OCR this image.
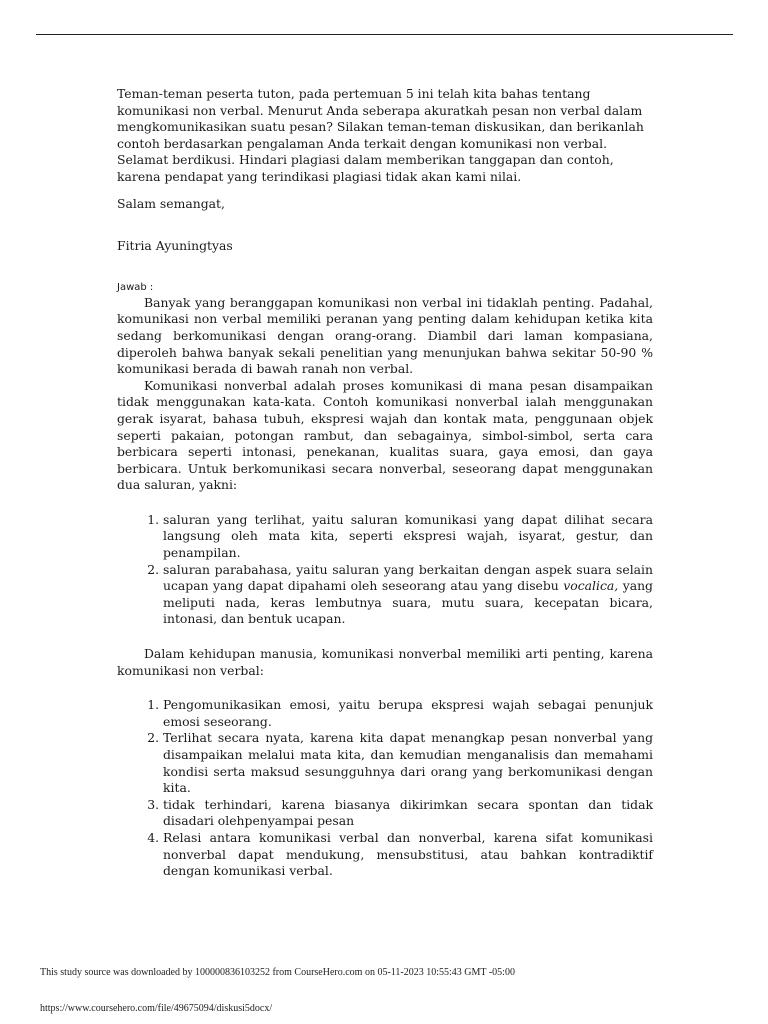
Teman-teman peserta tuton, pada pertemuan 5 ini telah kita bahas tentang komunikasi non verbal. Menurut Anda seberapa akuratkah pesan non verbal dalam mengkomunikasikan suatu pesan? Silakan teman-teman diskusikan, dan berikanlah contoh berdasarkan pengalaman Anda terkait dengan komunikasi non verbal. Selamat berdikusi. Hindari plagiasi dalam memberikan tanggapan dan contoh, karena pendapat yang terindikasi plagiasi tidak akan kami nilai.

Salam semangat,

Fitria Ayuningtyas

Jawab :

Banyak yang beranggapan komunikasi non verbal ini tidaklah penting. Padahal, komunikasi non verbal memiliki peranan yang penting dalam kehidupan ketika kita sedang berkomunikasi dengan orang-orang. Diambil dari laman kompasiana, diperoleh bahwa banyak sekali penelitian yang menunjukan bahwa sekitar 50-90 % komunikasi berada di bawah ranah non verbal.

Komunikasi nonverbal adalah proses komunikasi di mana pesan disampaikan tidak menggunakan kata-kata. Contoh komunikasi nonverbal ialah menggunakan gerak isyarat, bahasa tubuh, ekspresi wajah dan kontak mata, penggunaan objek seperti pakaian, potongan rambut, dan sebagainya, simbol-simbol, serta cara berbicara seperti intonasi, penekanan, kualitas suara, gaya emosi, dan gaya berbicara. Untuk berkomunikasi secara nonverbal, seseorang dapat menggunakan dua saluran, yakni:

1. saluran yang terlihat, yaitu saluran komunikasi yang dapat dilihat secara langsung oleh mata kita, seperti ekspresi wajah, isyarat, gestur, dan penampilan.
2. saluran parabahasa, yaitu saluran yang berkaitan dengan aspek suara selain ucapan yang dapat dipahami oleh seseorang atau yang disebu vocalica, yang meliputi nada, keras lembutnya suara, mutu suara, kecepatan bicara, intonasi, dan bentuk ucapan.

Dalam kehidupan manusia, komunikasi nonverbal memiliki arti penting, karena komunikasi non verbal:

1. Pengomunikasikan emosi, yaitu berupa ekspresi wajah sebagai penunjuk emosi seseorang.
2. Terlihat secara nyata, karena kita dapat menangkap pesan nonverbal yang disampaikan melalui mata kita, dan kemudian menganalisis dan memahami kondisi serta maksud sesungguhnya dari orang yang berkomunikasi dengan kita.
3. tidak terhindari, karena biasanya dikirimkan secara spontan dan tidak disadari olehpenyampai pesan
4. Relasi antara komunikasi verbal dan nonverbal, karena sifat komunikasi nonverbal dapat mendukung, mensubstitusi, atau bahkan kontradiktif dengan komunikasi verbal.
This study source was downloaded by 100000836103252 from CourseHero.com on 05-11-2023 10:55:43 GMT -05:00
https://www.coursehero.com/file/49675094/diskusi5docx/
